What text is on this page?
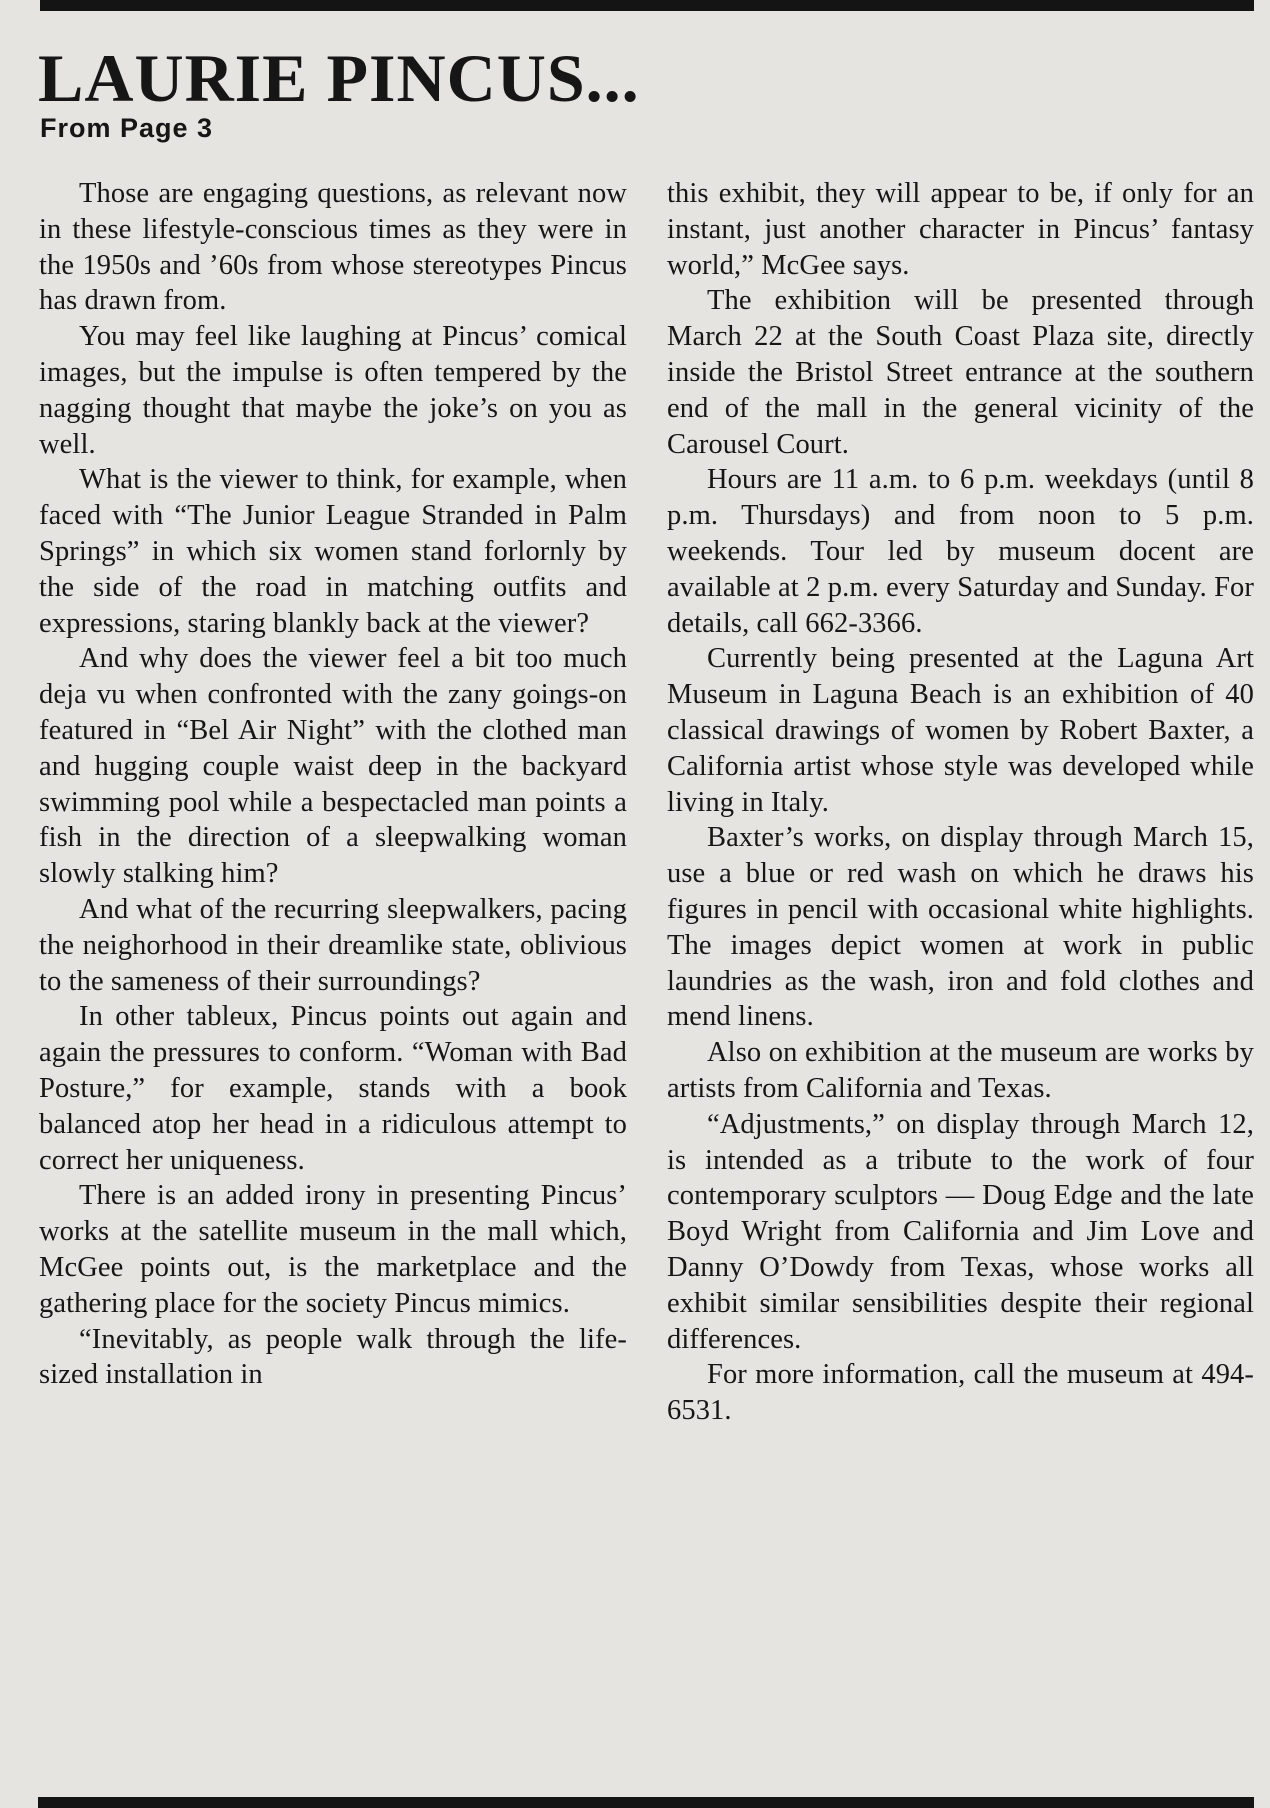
LAURIE PINCUS...
From Page 3

Those are engaging questions, as relevant now in these lifestyle-conscious times as they were in the 1950s and ’60s from whose stereotypes Pincus has drawn from.

You may feel like laughing at Pincus’ comical images, but the impulse is often tempered by the nagging thought that maybe the joke’s on you as well.

What is the viewer to think, for example, when faced with “The Junior League Stranded in Palm Springs” in which six women stand forlornly by the side of the road in matching outfits and expressions, staring blankly back at the viewer?

And why does the viewer feel a bit too much deja vu when confronted with the zany goings-on featured in “Bel Air Night” with the clothed man and hugging couple waist deep in the backyard swimming pool while a bespectacled man points a fish in the direction of a sleepwalking woman slowly stalking him?

And what of the recurring sleepwalkers, pacing the neighorhood in their dreamlike state, oblivious to the sameness of their surroundings?

In other tableux, Pincus points out again and again the pressures to conform. “Woman with Bad Posture,” for example, stands with a book balanced atop her head in a ridiculous attempt to correct her uniqueness.

There is an added irony in presenting Pincus’ works at the satellite museum in the mall which, McGee points out, is the marketplace and the gathering place for the society Pincus mimics.

“Inevitably, as people walk through the life-sized installation in

this exhibit, they will appear to be, if only for an instant, just another character in Pincus’ fantasy world,” McGee says.

The exhibition will be presented through March 22 at the South Coast Plaza site, directly inside the Bristol Street entrance at the southern end of the mall in the general vicinity of the Carousel Court.

Hours are 11 a.m. to 6 p.m. weekdays (until 8 p.m. Thursdays) and from noon to 5 p.m. weekends. Tour led by museum docent are available at 2 p.m. every Saturday and Sunday. For details, call 662-3366.

Currently being presented at the Laguna Art Museum in Laguna Beach is an exhibition of 40 classical drawings of women by Robert Baxter, a California artist whose style was developed while living in Italy.

Baxter’s works, on display through March 15, use a blue or red wash on which he draws his figures in pencil with occasional white highlights. The images depict women at work in public laundries as the wash, iron and fold clothes and mend linens.

Also on exhibition at the museum are works by artists from California and Texas.

“Adjustments,” on display through March 12, is intended as a tribute to the work of four contemporary sculptors — Doug Edge and the late Boyd Wright from California and Jim Love and Danny O’Dowdy from Texas, whose works all exhibit similar sensibilities despite their regional differences.

For more information, call the museum at 494-6531.
